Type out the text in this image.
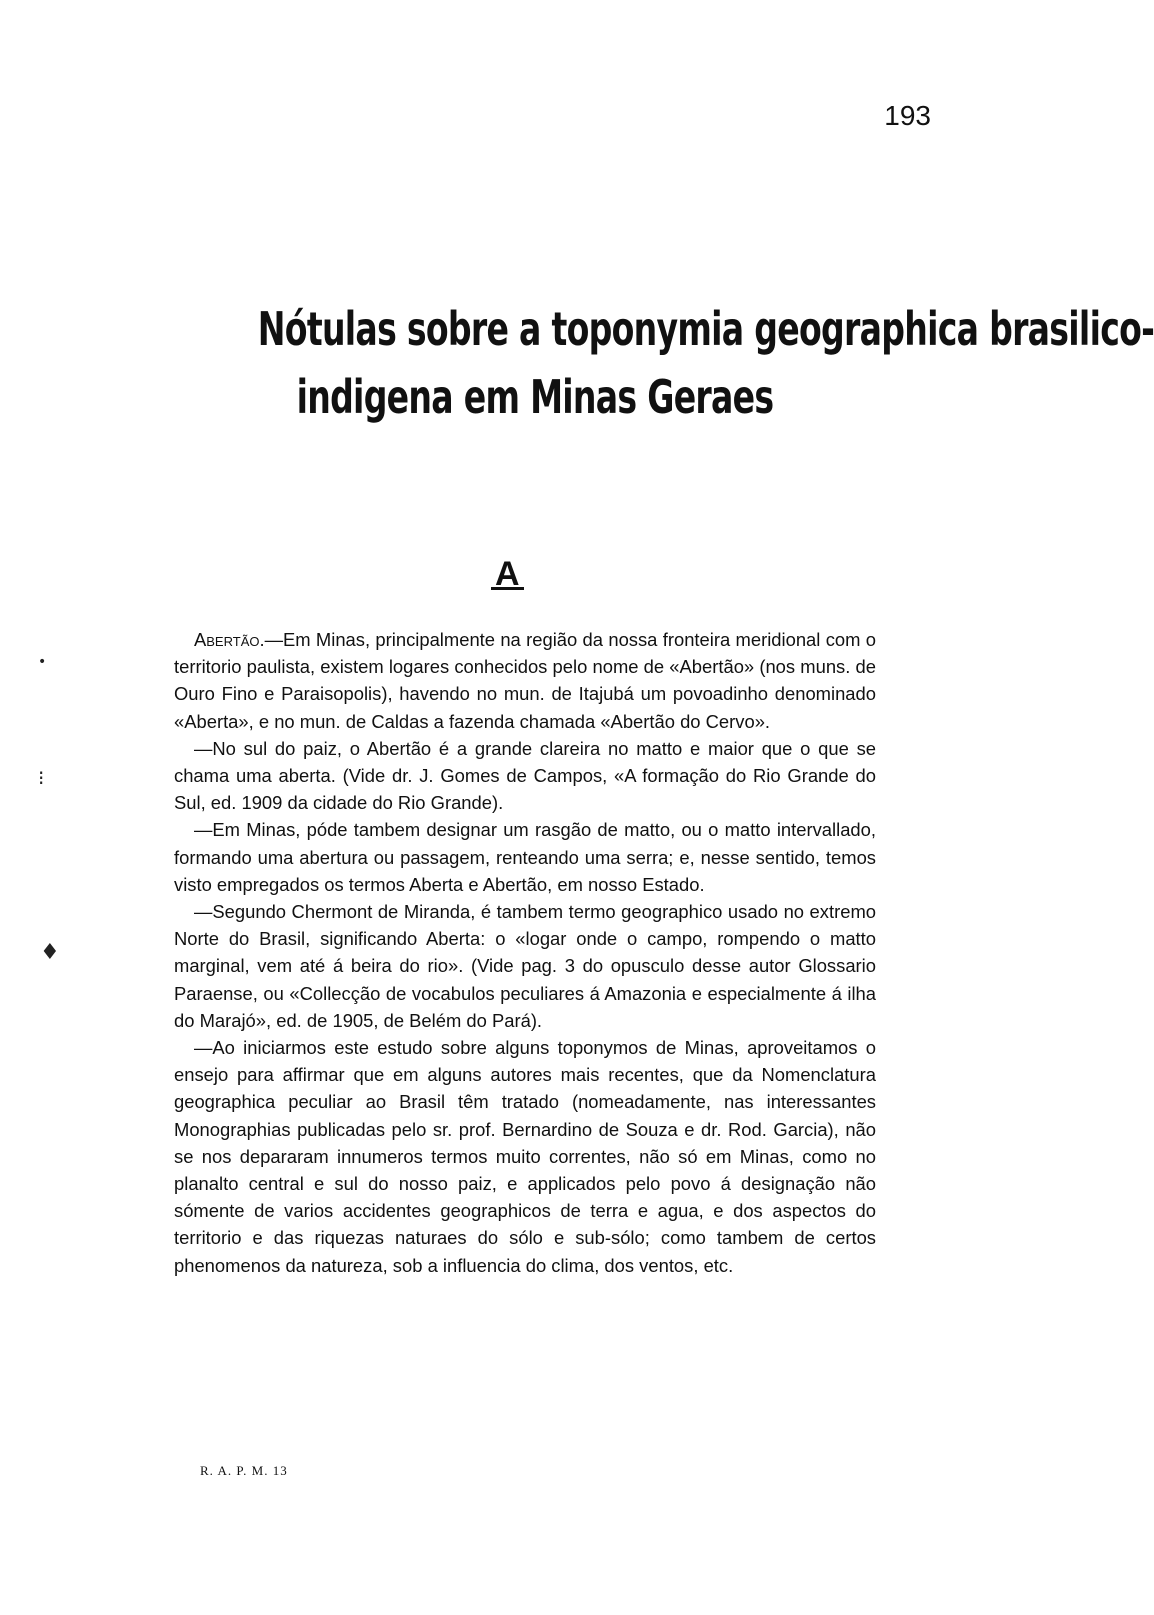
193
Nótulas sobre a toponymia geographica brasilico-
indigena em Minas Geraes
A
•
⁝
♦

Abertão.—Em Minas, principalmente na região da nossa fronteira meridional com o territorio paulista, existem logares conhecidos pelo nome de «Abertão» (nos muns. de Ouro Fino e Paraisopolis), havendo no mun. de Itajubá um povoadinho denominado «Aberta», e no mun. de Caldas a fazenda chamada «Abertão do Cervo».

—No sul do paiz, o Abertão é a grande clareira no matto e maior que o que se chama uma aberta. (Vide dr. J. Gomes de Campos, «A formação do Rio Grande do Sul, ed. 1909 da cidade do Rio Grande).

—Em Minas, póde tambem designar um rasgão de matto, ou o matto intervallado, formando uma abertura ou passagem, renteando uma serra; e, nesse sentido, temos visto empregados os termos Aberta e Abertão, em nosso Estado.

—Segundo Chermont de Miranda, é tambem termo geographico usado no extremo Norte do Brasil, significando Aberta: o «logar onde o campo, rompendo o matto marginal, vem até á beira do rio». (Vide pag. 3 do opusculo desse autor Glossario Paraense, ou «Collecção de vocabulos peculiares á Amazonia e especialmente á ilha do Marajó», ed. de 1905, de Belém do Pará).

—Ao iniciarmos este estudo sobre alguns toponymos de Minas, aproveitamos o ensejo para affirmar que em alguns autores mais recentes, que da Nomenclatura geographica peculiar ao Brasil têm tratado (nomeadamente, nas interessantes Monographias publicadas pelo sr. prof. Bernardino de Souza e dr. Rod. Garcia), não se nos depararam innumeros termos muito correntes, não só em Minas, como no planalto central e sul do nosso paiz, e applicados pelo povo á designação não sómente de varios accidentes geographicos de terra e agua, e dos aspectos do territorio e das riquezas naturaes do sólo e sub-sólo; como tambem de certos phenomenos da natureza, sob a influencia do clima, dos ventos, etc.

R. A. P. M. 13
